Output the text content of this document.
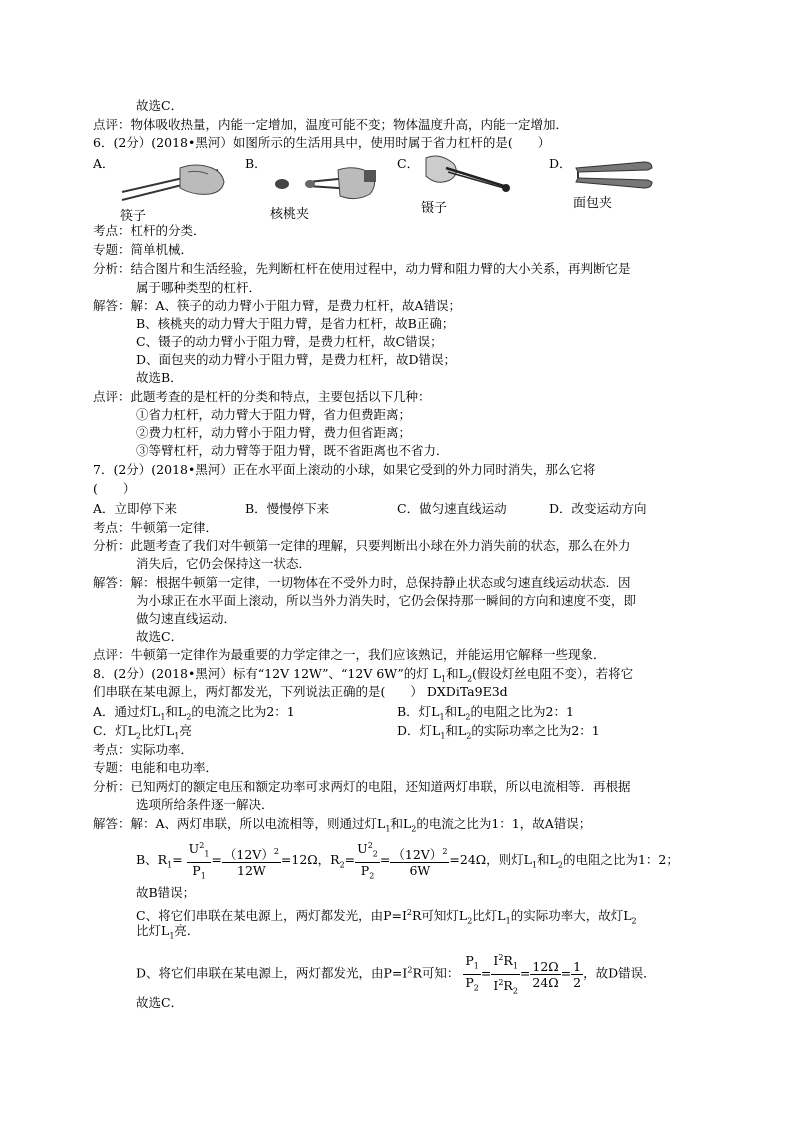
故选C．
点评：物体吸收热量，内能一定增加，温度可能不变；物体温度升高，内能一定增加．
6．(2分）(2018•黑河）如图所示的生活用具中，使用时属于省力杠杆的是(　　）
A．	B．	C．	D．
筷子	核桃夹	镊子	面包夹
考点：杠杆的分类．
专题：简单机械．
分析：结合图片和生活经验，先判断杠杆在使用过程中，动力臂和阻力臂的大小关系，再判断它是
属于哪种类型的杠杆．
解答：解：A、筷子的动力臂小于阻力臂，是费力杠杆，故A错误；
B、核桃夹的动力臂大于阻力臂，是省力杠杆，故B正确；
C、镊子的动力臂小于阻力臂，是费力杠杆，故C错误；
D、面包夹的动力臂小于阻力臂，是费力杠杆，故D错误；
故选B．
点评：此题考查的是杠杆的分类和特点，主要包括以下几种：
①省力杠杆，动力臂大于阻力臂，省力但费距离；
②费力杠杆，动力臂小于阻力臂，费力但省距离；
③等臂杠杆，动力臂等于阻力臂，既不省距离也不省力．
7．(2分）(2018•黑河）正在水平面上滚动的小球，如果它受到的外力同时消失，那么它将
(　　）
A．立即停下来	B．慢慢停下来	C．做匀速直线运动	D．改变运动方向
考点：牛顿第一定律．
分析：此题考查了我们对牛顿第一定律的理解，只要判断出小球在外力消失前的状态，那么在外力
消失后，它仍会保持这一状态．
解答：解：根据牛顿第一定律，一切物体在不受外力时，总保持静止状态或匀速直线运动状态．因
为小球正在水平面上滚动，所以当外力消失时，它仍会保持那一瞬间的方向和速度不变，即
做匀速直线运动．
故选C．
点评：牛顿第一定律作为最重要的力学定律之一，我们应该熟记，并能运用它解释一些现象．
8．(2分）(2018•黑河）标有“12V 12W”、“12V 6W”的灯 $L_1$和$L_2$(假设灯丝电阻不变），若将它
们串联在某电源上，两灯都发光，下列说法正确的是(　　） DXDiTa9E3d
A．通过灯$L_1$和$L_2$的电流之比为2：1	B．灯$L_1$和$L_2$的电阻之比为2：1
C．灯$L_2$比灯$L_1$亮	D．灯$L_1$和$L_2$的实际功率之比为2：1
考点：实际功率．
专题：电能和电功率．
分析：已知两灯的额定电压和额定功率可求两灯的电阻，还知道两灯串联，所以电流相等．再根据
选项所给条件逐一解决．
解答：解：A、两灯串联，所以电流相等，则通过灯$L_1$和$L_2$的电流之比为1：1，故A错误；
B、$R_1= \frac{U^2_1}{P_1} = \frac{(12V)^2}{12W} =12\Omega$，$R_2= \frac{U^2_2}{P_2} = \frac{(12V)^2}{6W} =24\Omega$，则灯$L_1$和$L_2$的电阻之比为1：2；
故B错误；
C、将它们串联在某电源上，两灯都发光，由$P=I^2R$可知灯$L_2$比灯$L_1$的实际功率大，故灯$L_2$
比灯$L_1$亮．
D、将它们串联在某电源上，两灯都发光，由$P=I^2R$可知： $\frac{P_1}{P_2} = \frac{I^2R_1}{I^2R_2} = \frac{12\Omega}{24\Omega} = \frac{1}{2}$ ，故D错误．
故选C．
